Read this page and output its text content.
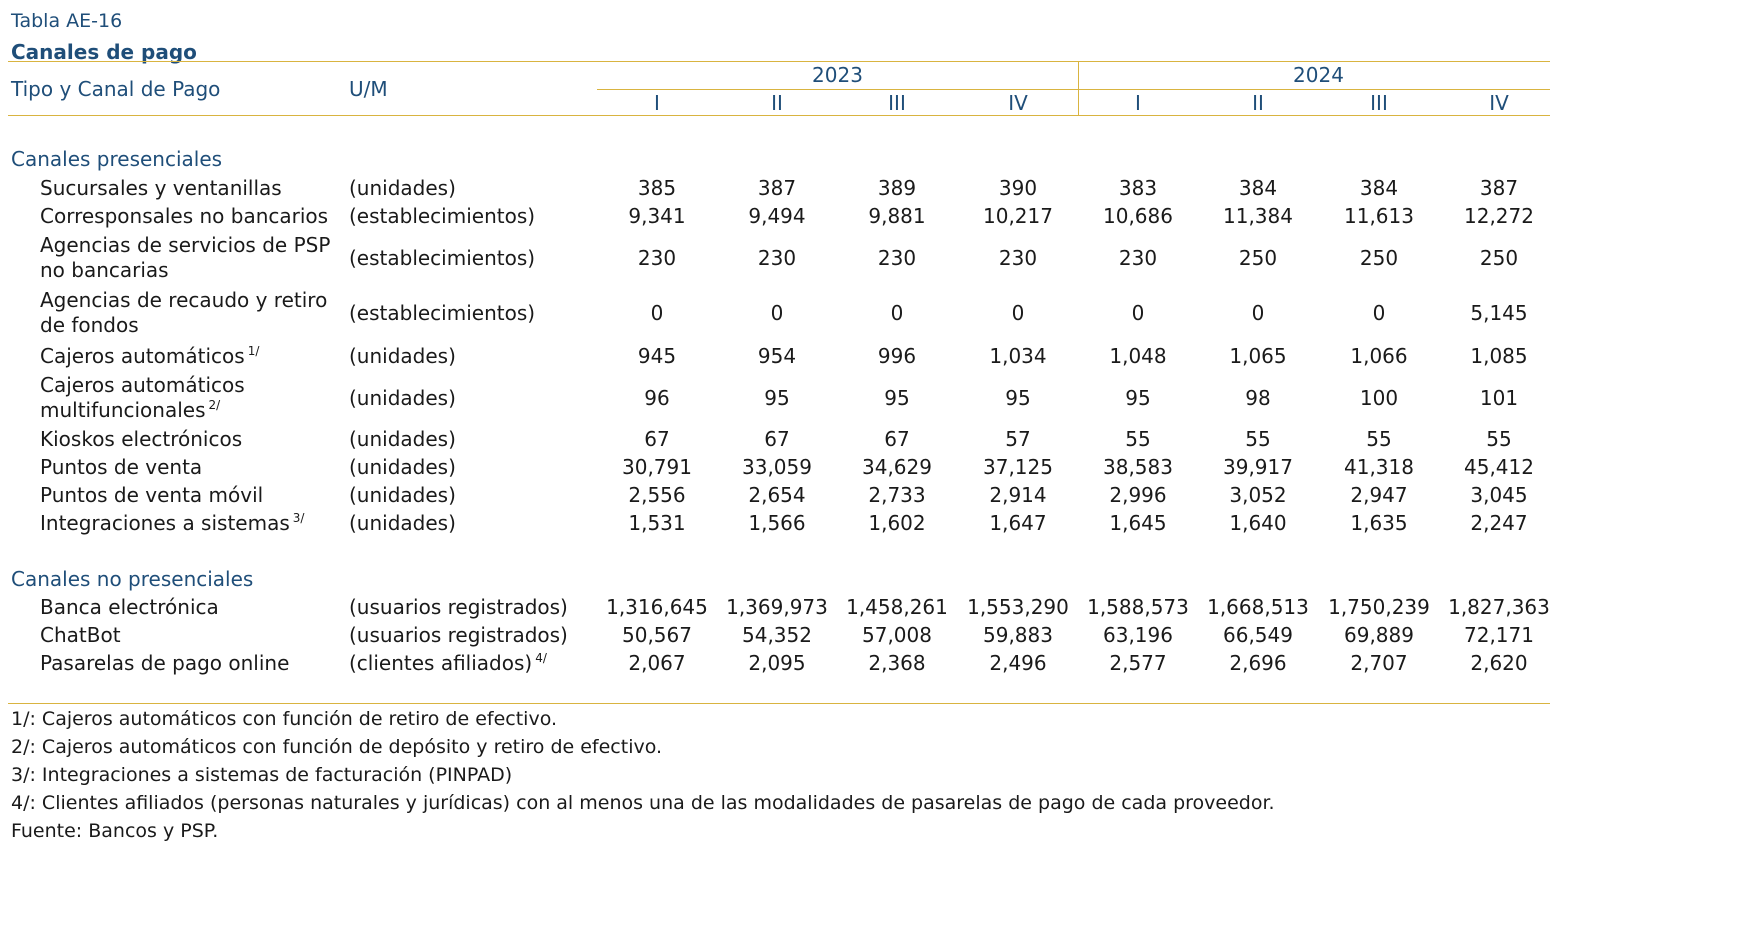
Tabla AE-16
Canales de pago
Tipo y Canal de Pago	U/M
2023	2024
I	II	III	IV	I	II	III	IV
Canales presenciales
Sucursales y ventanillas	(unidades)	385	387	389	390	383	384	384	387
Corresponsales no bancarios	(establecimientos)	9,341	9,494	9,881	10,217	10,686	11,384	11,613	12,272
Agencias de servicios de PSP no bancarias	(establecimientos)	230	230	230	230	230	250	250	250
Agencias de recaudo y retiro de fondos	(establecimientos)	0	0	0	0	0	0	0	5,145
Cajeros automáticos $^{1/}$	(unidades)	945	954	996	1,034	1,048	1,065	1,066	1,085
Cajeros automáticos multifuncionales $^{2/}$	(unidades)	96	95	95	95	95	98	100	101
Kioskos electrónicos	(unidades)	67	67	67	57	55	55	55	55
Puntos de venta	(unidades)	30,791	33,059	34,629	37,125	38,583	39,917	41,318	45,412
Puntos de venta móvil	(unidades)	2,556	2,654	2,733	2,914	2,996	3,052	2,947	3,045
Integraciones a sistemas $^{3/}$	(unidades)	1,531	1,566	1,602	1,647	1,645	1,640	1,635	2,247
Canales no presenciales
Banca electrónica	(usuarios registrados)	1,316,645 1,369,973 1,458,261 1,553,290 1,588,573 1,668,513 1,750,239 1,827,363
ChatBot	(usuarios registrados)	50,567	54,352	57,008	59,883	63,196	66,549	69,889	72,171
Pasarelas de pago online	(clientes afiliados) $^{4/}$	2,067	2,095	2,368	2,496	2,577	2,696	2,707	2,620
1/: Cajeros automáticos con función de retiro de efectivo.
2/: Cajeros automáticos con función de depósito y retiro de efectivo.
3/: Integraciones a sistemas de facturación (PINPAD)
4/: Clientes afiliados (personas naturales y jurídicas) con al menos una de las modalidades de pasarelas de pago de cada proveedor.
Fuente: Bancos y PSP.
